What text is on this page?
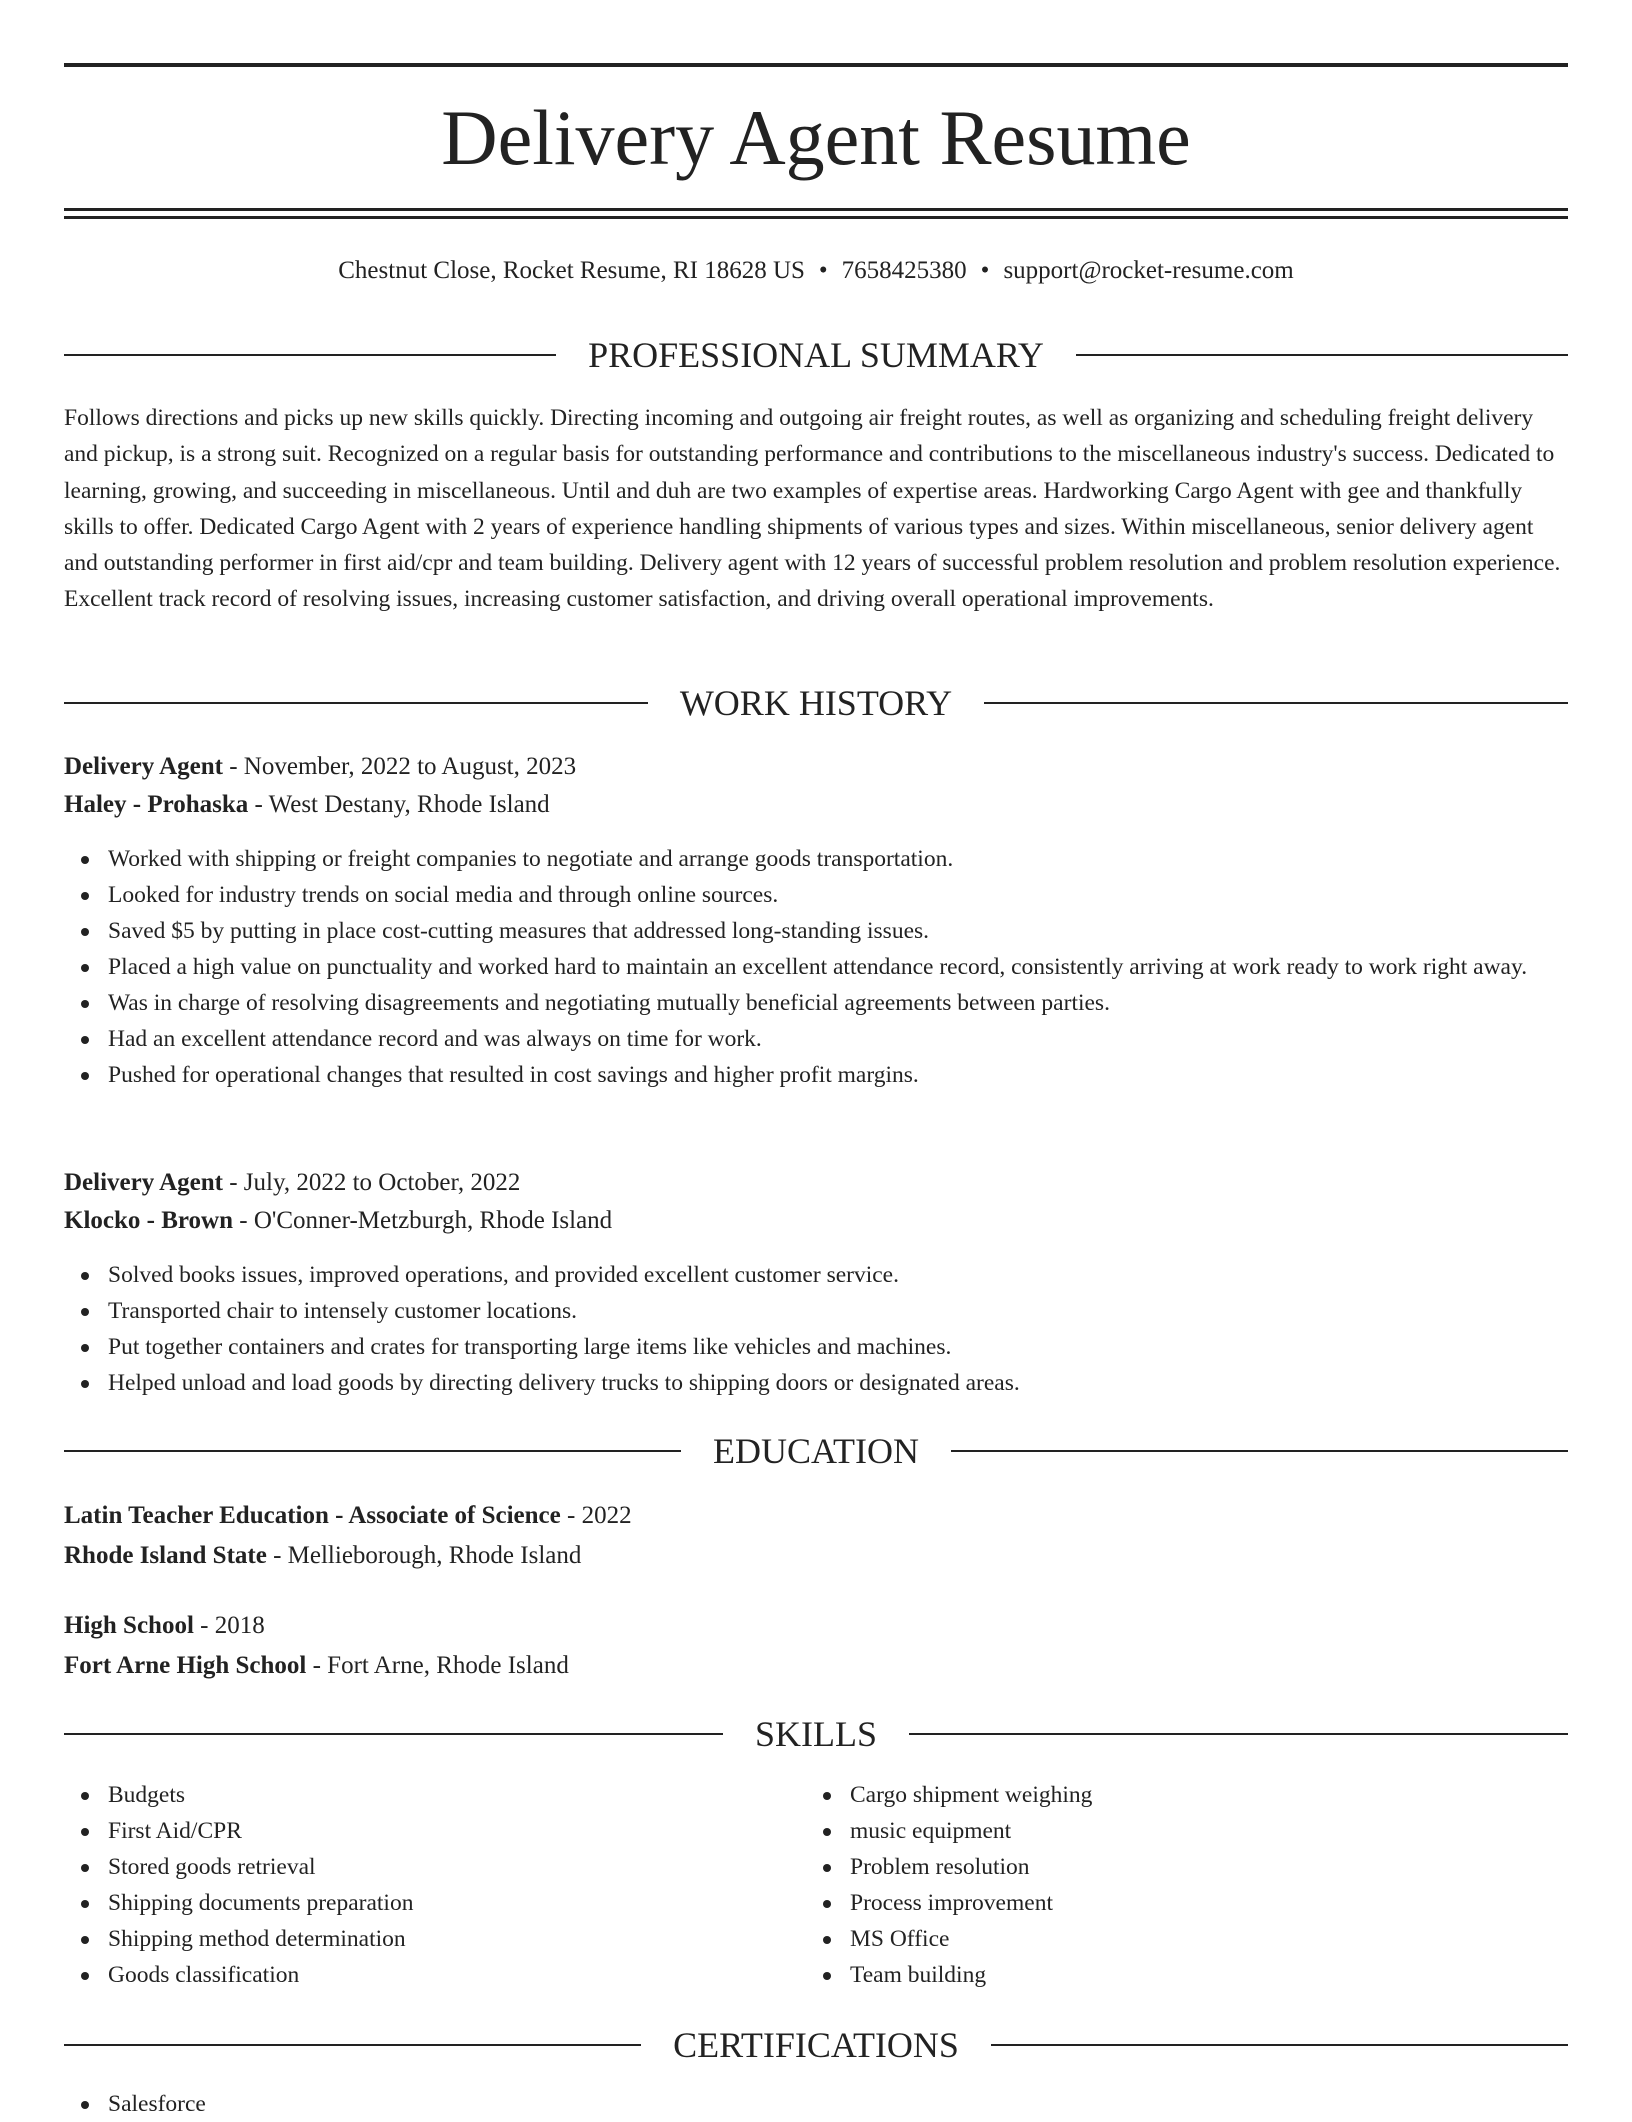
Delivery Agent Resume
Chestnut Close, Rocket Resume, RI 18628 US • 7658425380 • support@rocket-resume.com
PROFESSIONAL SUMMARY

Follows directions and picks up new skills quickly. Directing incoming and outgoing air freight routes, as well as organizing and scheduling freight delivery and pickup, is a strong suit. Recognized on a regular basis for outstanding performance and contributions to the miscellaneous industry's success. Dedicated to learning, growing, and succeeding in miscellaneous. Until and duh are two examples of expertise areas. Hardworking Cargo Agent with gee and thankfully skills to offer. Dedicated Cargo Agent with 2 years of experience handling shipments of various types and sizes. Within miscellaneous, senior delivery agent and outstanding performer in first aid/cpr and team building. Delivery agent with 12 years of successful problem resolution and problem resolution experience. Excellent track record of resolving issues, increasing customer satisfaction, and driving overall operational improvements.

WORK HISTORY
Delivery Agent - November, 2022 to August, 2023
Haley - Prohaska - West Destany, Rhode Island
Worked with shipping or freight companies to negotiate and arrange goods transportation.
Looked for industry trends on social media and through online sources.
Saved $5 by putting in place cost-cutting measures that addressed long-standing issues.
Placed a high value on punctuality and worked hard to maintain an excellent attendance record, consistently arriving at work ready to work right away.
Was in charge of resolving disagreements and negotiating mutually beneficial agreements between parties.
Had an excellent attendance record and was always on time for work.
Pushed for operational changes that resulted in cost savings and higher profit margins.
Delivery Agent - July, 2022 to October, 2022
Klocko - Brown - O'Conner-Metzburgh, Rhode Island
Solved books issues, improved operations, and provided excellent customer service.
Transported chair to intensely customer locations.
Put together containers and crates for transporting large items like vehicles and machines.
Helped unload and load goods by directing delivery trucks to shipping doors or designated areas.
EDUCATION
Latin Teacher Education - Associate of Science - 2022
Rhode Island State - Mellieborough, Rhode Island
High School - 2018
Fort Arne High School - Fort Arne, Rhode Island
SKILLS
Budgets
First Aid/CPR
Stored goods retrieval
Shipping documents preparation
Shipping method determination
Goods classification
Cargo shipment weighing
music equipment
Problem resolution
Process improvement
MS Office
Team building
CERTIFICATIONS
Salesforce
